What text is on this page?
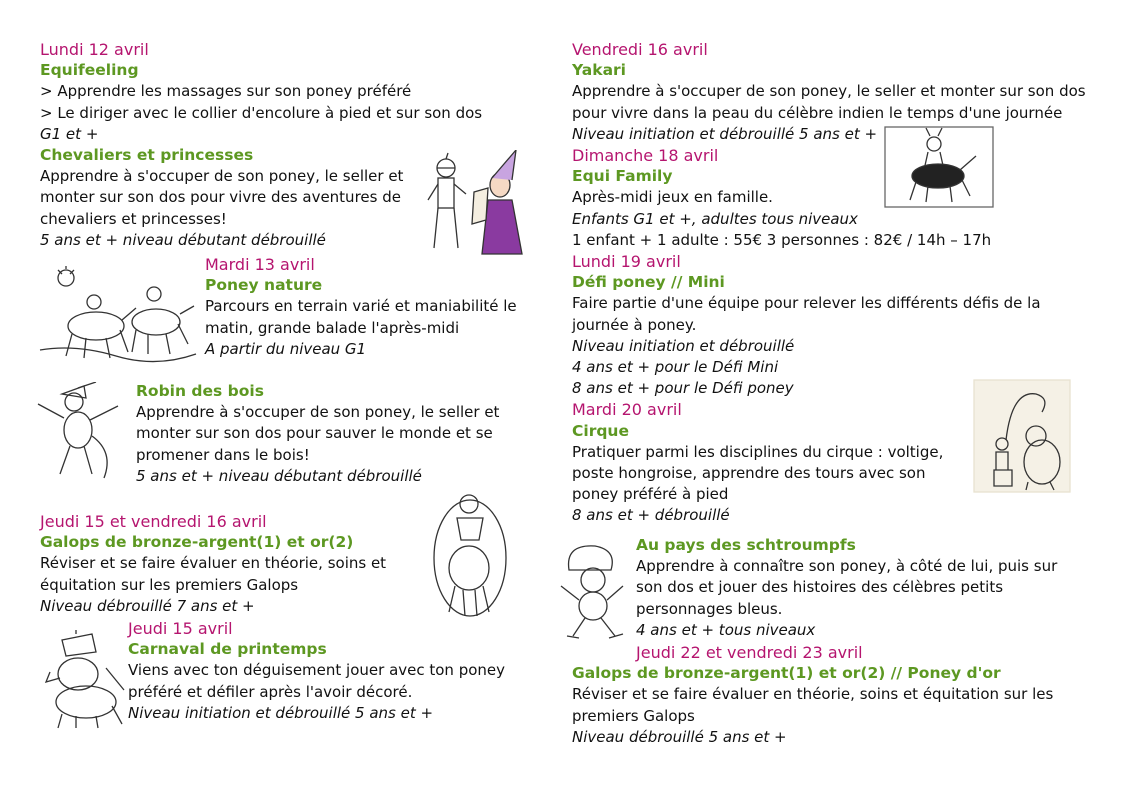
Lundi 12 avril
Equifeeling
> Apprendre les massages sur son poney préféré
> Le diriger avec le collier d'encolure à pied et sur son dos
G1 et +
Chevaliers et princesses
Apprendre à s'occuper de son poney, le seller et
monter sur son dos pour vivre des aventures de
chevaliers et princesses!
5 ans et + niveau débutant débrouillé
Mardi 13 avril
Poney nature
Parcours en terrain varié et maniabilité le
matin, grande balade l'après-midi
A partir du niveau G1
Robin des bois
Apprendre à s'occuper de son poney, le seller et
monter sur son dos pour sauver le monde et se
promener dans le bois!
5 ans et + niveau débutant débrouillé
Jeudi 15 et vendredi 16 avril
Galops de bronze-argent(1) et or(2)
Réviser et se faire évaluer en théorie, soins et
équitation sur les premiers Galops
Niveau débrouillé 7 ans et +
Jeudi 15 avril
Carnaval de printemps
Viens avec ton déguisement jouer avec ton poney
préféré et défiler après l'avoir décoré.
Niveau initiation et débrouillé 5 ans et +
Vendredi 16 avril
Yakari
Apprendre à s'occuper de son poney, le seller et monter sur son dos
pour vivre dans la peau du célèbre indien le temps d'une journée
Niveau initiation et débrouillé 5 ans et +
Dimanche 18 avril
Equi Family
Après-midi jeux en famille.
Enfants G1 et +, adultes tous niveaux
1 enfant + 1 adulte : 55€ 3 personnes : 82€ / 14h – 17h
Lundi 19 avril
Défi poney // Mini
Faire partie d'une équipe pour relever les différents défis de la
journée à poney.
Niveau initiation et débrouillé
4 ans et + pour le Défi Mini
8 ans et + pour le Défi poney
Mardi 20 avril
Cirque
Pratiquer parmi les disciplines du cirque : voltige,
poste hongroise, apprendre des tours avec son
poney préféré à pied
8 ans et + débrouillé
Au pays des schtroumpfs
Apprendre à connaître son poney, à côté de lui, puis sur
son dos et jouer des histoires des célèbres petits
personnages bleus.
4 ans et + tous niveaux
Jeudi 22 et vendredi 23 avril
Galops de bronze-argent(1) et or(2) // Poney d'or
Réviser et se faire évaluer en théorie, soins et équitation sur les
premiers Galops
Niveau débrouillé 5 ans et +
